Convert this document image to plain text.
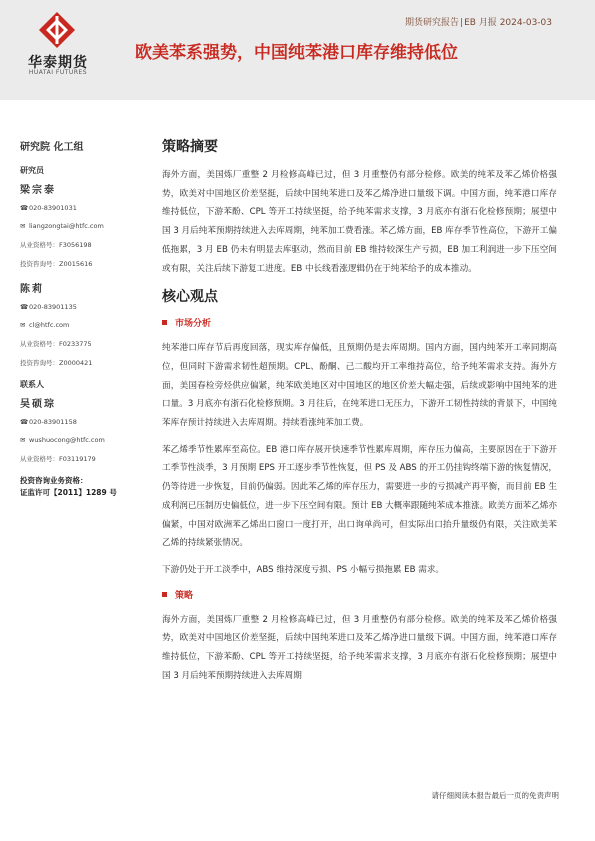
华泰期货
HUATAI FUTURES
期货研究报告|EB 月报 2024-03-03
欧美苯系强势，中国纯苯港口库存维持低位
研究院 化工组
研究员
梁宗泰
☎020-83901031
✉ liangzongtai@htfc.com
从业资格号：F3056198
投资咨询号：Z0015616
陈莉
☎020-83901135
✉ cl@htfc.com
从业资格号：F0233775
投资咨询号：Z0000421
联系人
吴硕琮
☎020-83901158
✉ wushuocong@htfc.com
从业资格号：F03119179
投资咨询业务资格：
证监许可【2011】1289 号
策略摘要

海外方面，美国炼厂重整 2 月检修高峰已过，但 3 月重整仍有部分检修。欧美的纯苯及苯乙烯价格强势，欧美对中国地区价差坚挺，后续中国纯苯进口及苯乙烯净进口量级下调。中国方面，纯苯港口库存维持低位，下游苯酚、CPL 等开工持续坚挺，给予纯苯需求支撑，3 月底亦有浙石化检修预期；展望中国 3 月后纯苯预期持续进入去库周期，纯苯加工费看涨。苯乙烯方面，EB 库存季节性高位，下游开工偏低拖累，3 月 EB 仍未有明显去库驱动，然而目前 EB 维持较深生产亏损，EB 加工利润进一步下压空间或有限，关注后续下游复工进度。EB 中长线看涨逻辑仍在于纯苯给予的成本推动。

核心观点
市场分析

纯苯港口库存节后再度回落，现实库存偏低，且预期仍是去库周期。国内方面，国内纯苯开工率同期高位，但同时下游需求韧性超预期。CPL、酚酮、己二酸均开工率维持高位，给予纯苯需求支持。海外方面，美国春检旁烃供应偏紧，纯苯欧美地区对中国地区的地区价差大幅走强，后续或影响中国纯苯的进口量。3 月底亦有浙石化检修预期。3 月往后，在纯苯进口无压力，下游开工韧性持续的背景下，中国纯苯库存预计持续进入去库周期。持续看涨纯苯加工费。

苯乙烯季节性累库至高位。EB 港口库存展开快速季节性累库周期，库存压力偏高，主要原因在于下游开工季节性淡季，3 月预期 EPS 开工逐步季节性恢复，但 PS 及 ABS 的开工仍挂钩终端下游的恢复情况，仍等待进一步恢复，目前仍偏弱。因此苯乙烯的库存压力，需要进一步的亏损减产再平衡，而目前 EB 生成利润已压制历史偏低位，进一步下压空间有限。预计 EB 大概率跟随纯苯成本推涨。欧美方面苯乙烯亦偏紧，中国对欧洲苯乙烯出口窗口一度打开，出口询单尚可，但实际出口抬升量级仍有限，关注欧美苯乙烯的持续紧张情况。

下游仍处于开工淡季中，ABS 维持深度亏损、PS 小幅亏损拖累 EB 需求。

策略

海外方面，美国炼厂重整 2 月检修高峰已过，但 3 月重整仍有部分检修。欧美的纯苯及苯乙烯价格强势，欧美对中国地区价差坚挺，后续中国纯苯进口及苯乙烯净进口量级下调。中国方面，纯苯港口库存维持低位，下游苯酚、CPL 等开工持续坚挺，给予纯苯需求支撑，3 月底亦有浙石化检修预期；展望中国 3 月后纯苯预期持续进入去库周期

请仔细阅读本报告最后一页的免责声明
